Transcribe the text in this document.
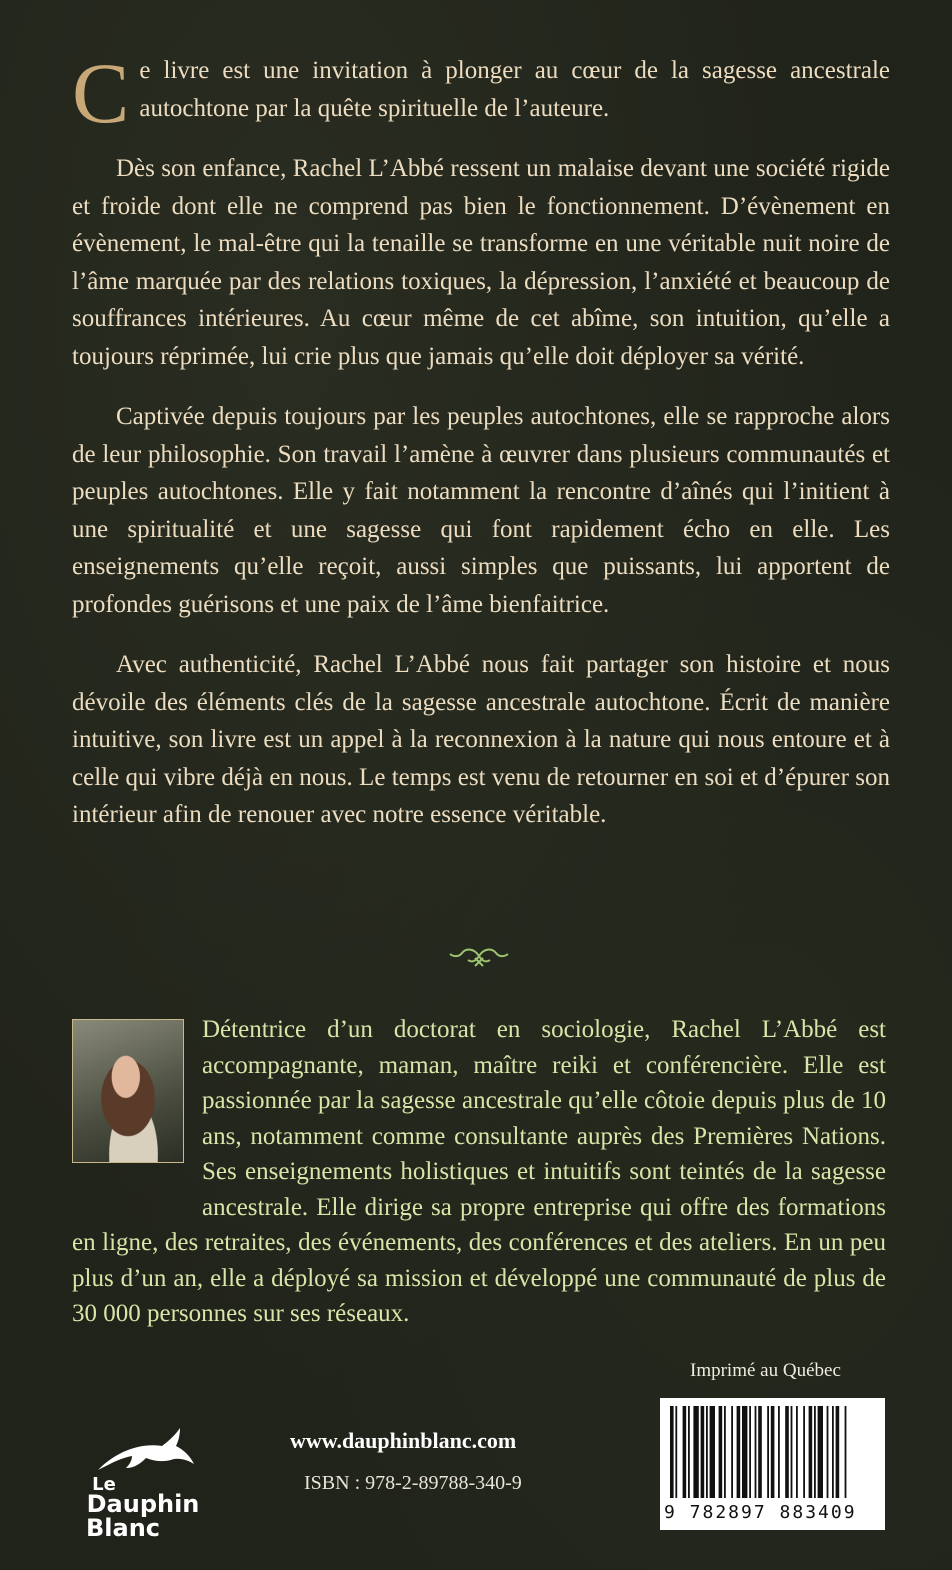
Ce livre est une invitation à plonger au cœur de la sagesse ancestrale autochtone par la quête spirituelle de l’auteure.

Dès son enfance, Rachel L’Abbé ressent un malaise devant une société rigide et froide dont elle ne comprend pas bien le fonctionnement. D’évènement en évènement, le mal-être qui la tenaille se transforme en une véritable nuit noire de l’âme marquée par des relations toxiques, la dépression, l’anxiété et beaucoup de souffrances intérieures. Au cœur même de cet abîme, son intuition, qu’elle a toujours réprimée, lui crie plus que jamais qu’elle doit déployer sa vérité.

Captivée depuis toujours par les peuples autochtones, elle se rapproche alors de leur philosophie. Son travail l’amène à œuvrer dans plusieurs communautés et peuples autochtones. Elle y fait notamment la rencontre d’aînés qui l’initient à une spiritualité et une sagesse qui font rapidement écho en elle. Les enseignements qu’elle reçoit, aussi simples que puissants, lui apportent de profondes guérisons et une paix de l’âme bienfaitrice.

Avec authenticité, Rachel L’Abbé nous fait partager son histoire et nous dévoile des éléments clés de la sagesse ancestrale autochtone. Écrit de manière intuitive, son livre est un appel à la reconnexion à la nature qui nous entoure et à celle qui vibre déjà en nous. Le temps est venu de retourner en soi et d’épurer son intérieur afin de renouer avec notre essence véritable.

Détentrice d’un doctorat en sociologie, Rachel L’Abbé est accompagnante, maman, maître reiki et conférencière. Elle est passionnée par la sagesse ancestrale qu’elle côtoie depuis plus de 10 ans, notamment comme consultante auprès des Premières Nations. Ses enseignements holistiques et intuitifs sont teintés de la sagesse ancestrale. Elle dirige sa propre entreprise qui offre des formations en ligne, des retraites, des événements, des conférences et des ateliers. En un peu plus d’un an, elle a déployé sa mission et développé une communauté de plus de 30 000 personnes sur ses réseaux.
Imprimé au Québec
9 782897 883409
www.dauphinblanc.com
ISBN : 978-2-89788-340-9
Le
Dauphin
Blanc
